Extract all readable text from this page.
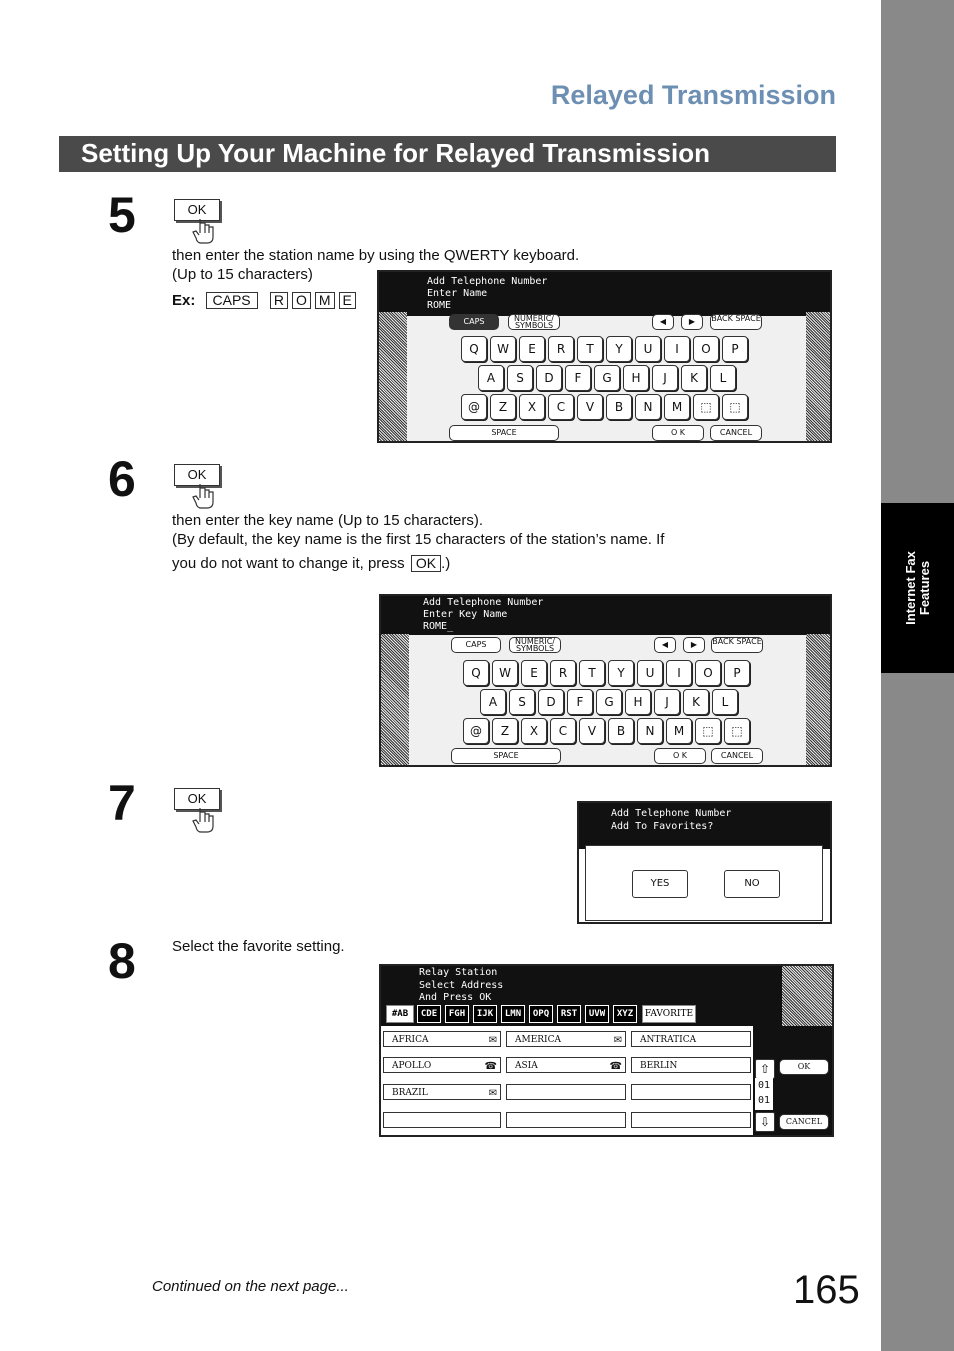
Internet Fax Features
Relayed Transmission
Setting Up Your Machine for Relayed Transmission
5	OK
then enter the station name by using the QWERTY keyboard.
(Up to 15 characters)
Ex: CAPS R O M E
Add Telephone Number
Enter Name
ROME
CAPS	NUMERIC/ SYMBOLS	◀	▶	BACK SPACE
Q	W	E	R	T	Y	U	I	O	P
A	S	D	F	G	H	J	K	L
@	Z	X	C	V	B	N	M	⬚	⬚
SPACE	O K	CANCEL
6	OK
then enter the key name (Up to 15 characters).
(By default, the key name is the first 15 characters of the station’s name. If
you do not want to change it, press OK .)
Add Telephone Number
Enter Key Name
ROME_
CAPS	NUMERIC/ SYMBOLS	◀	▶	BACK SPACE
Q	W	E	R	T	Y	U	I	O	P
A	S	D	F	G	H	J	K	L
@	Z	X	C	V	B	N	M	⬚	⬚
SPACE	O K	CANCEL
7	OK
Add Telephone Number
Add To Favorites?
YES	NO
8 Select the favorite setting.
Relay Station
Select Address
And Press OK
#AB	CDE	FGH	IJK	LMN	OPQ	RST	UVW	XYZ	FAVORITE
AFRICA	✉	AMERICA	✉	ANTRATICA
APOLLO	☎	ASIA	☎	BERLIN
BRAZIL	✉
⇧
01
01
⇩
OK
CANCEL
Continued on the next page...	165
